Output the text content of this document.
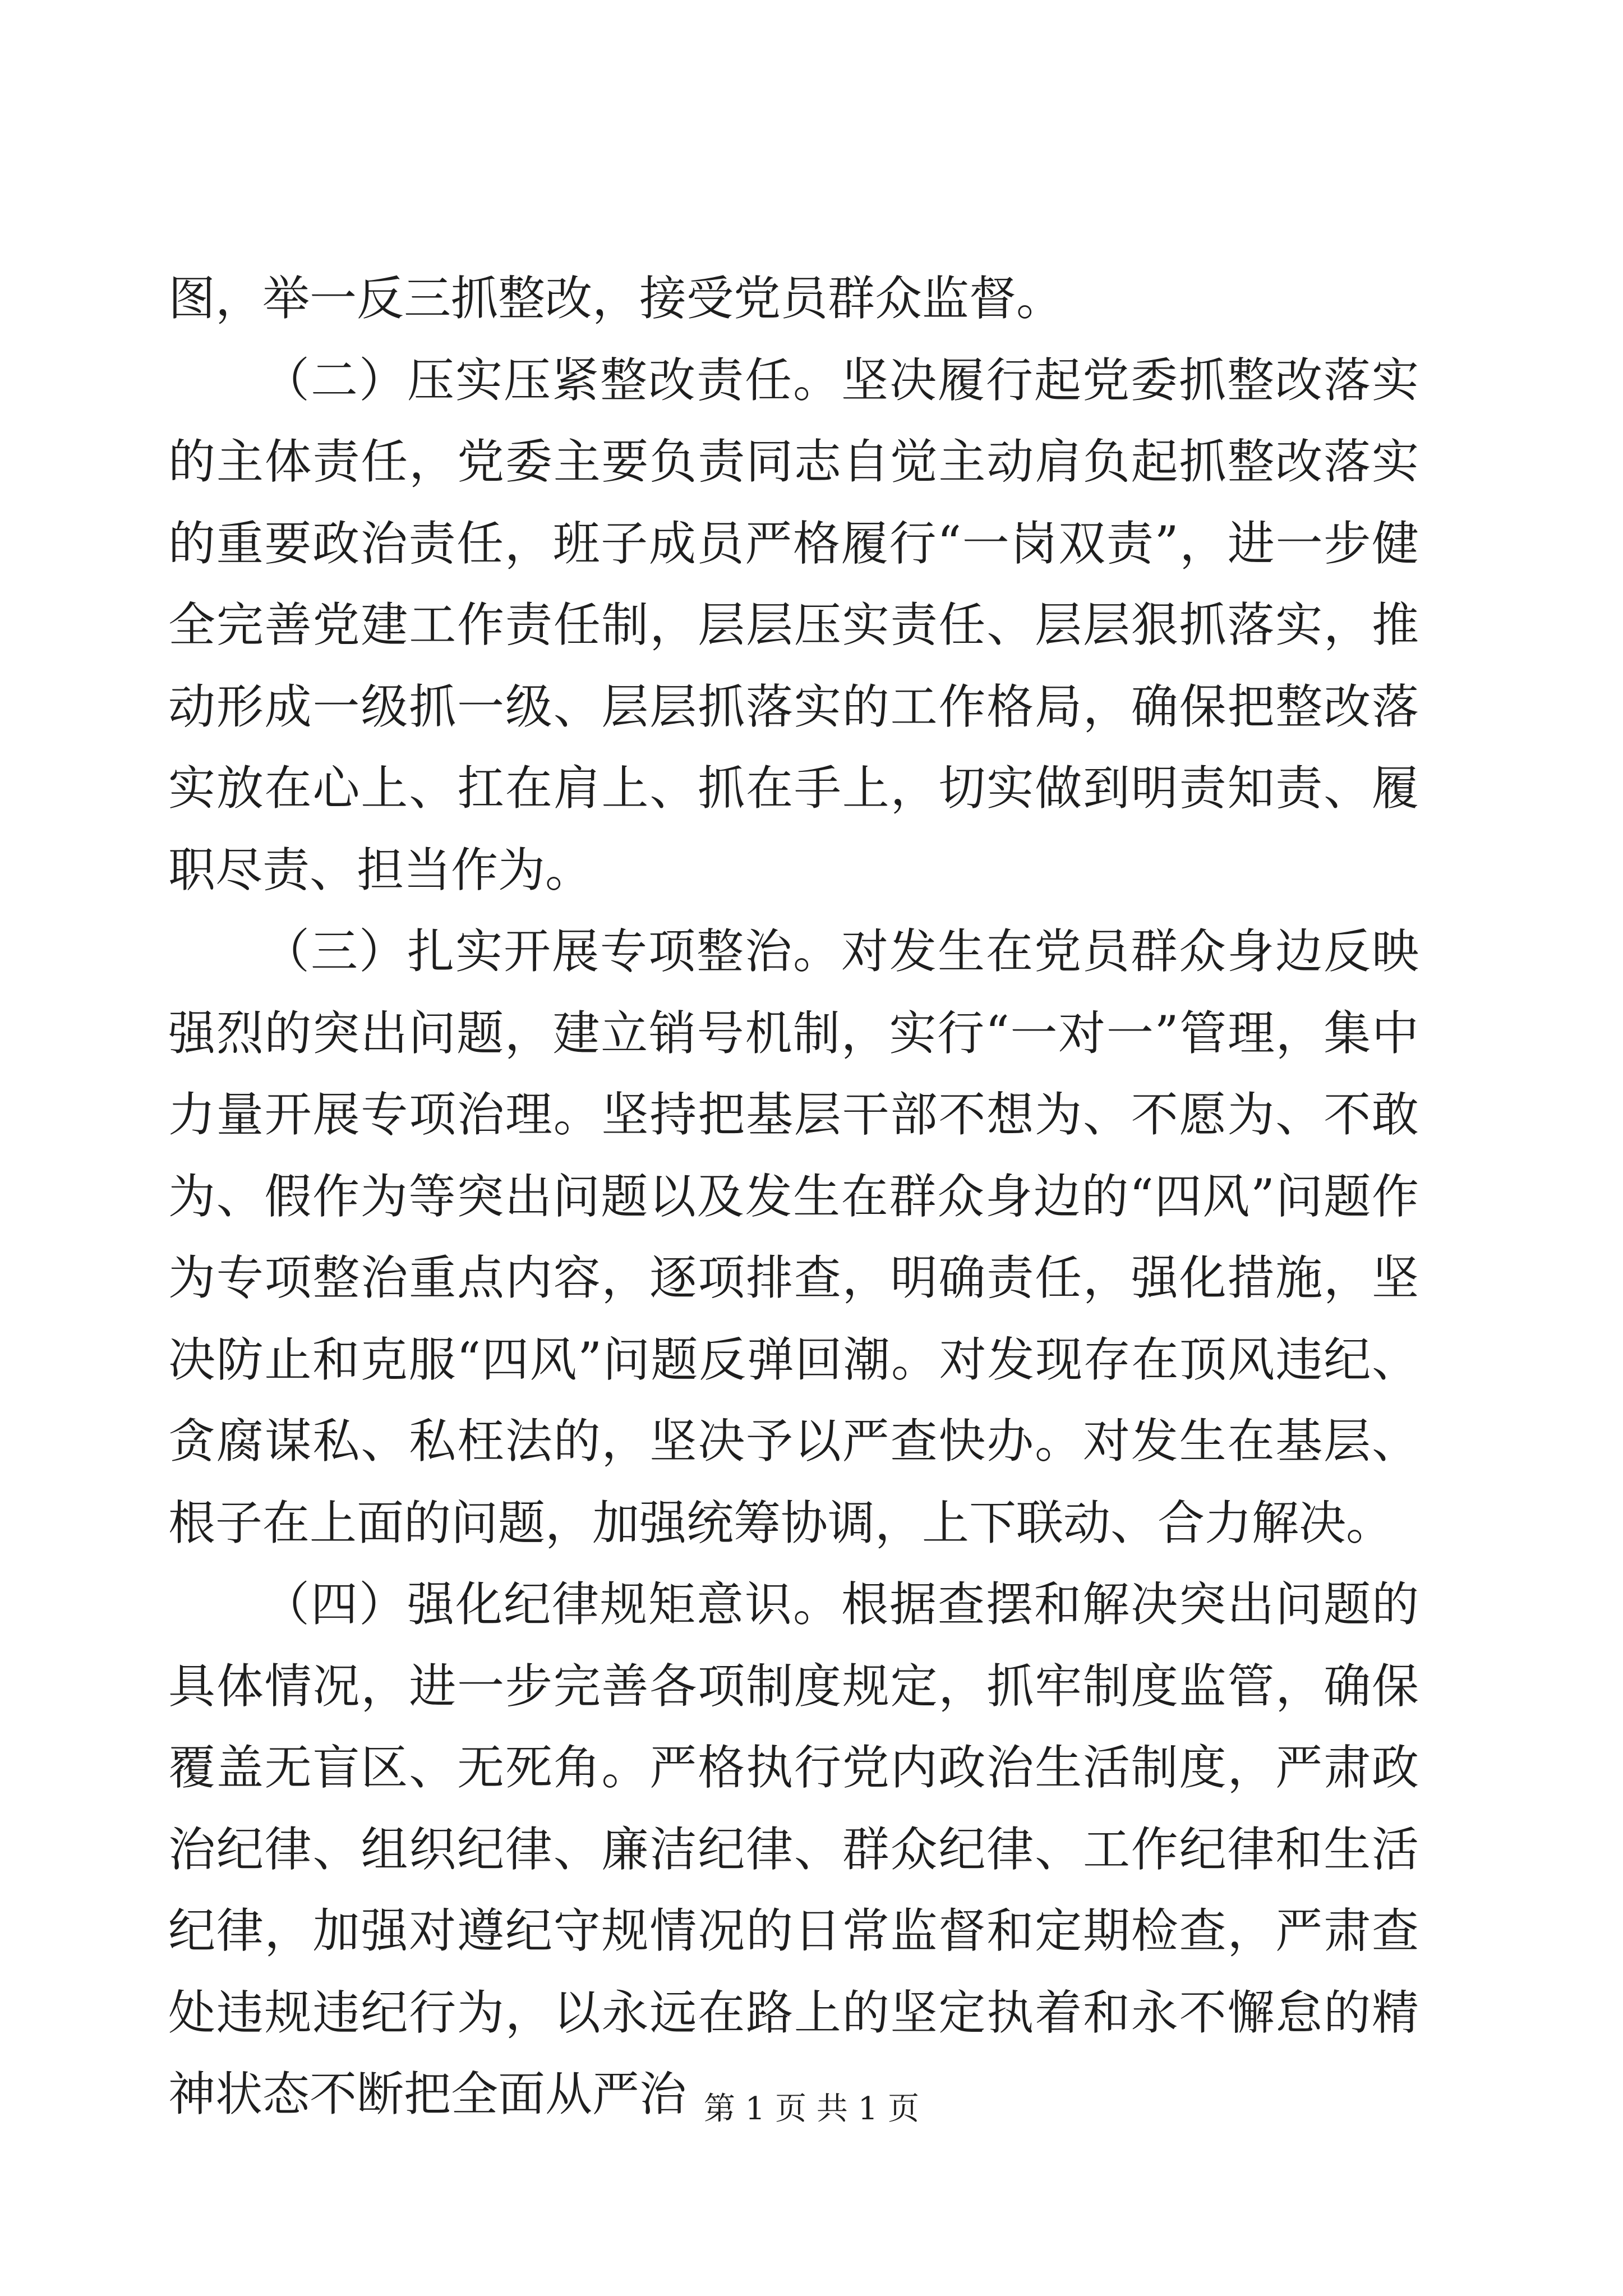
图，举一反三抓整改，接受党员群众监督。

（二）压实压紧整改责任。坚决履行起党委抓整改落实的主体责任，党委主要负责同志自觉主动肩负起抓整改落实的重要政治责任，班子成员严格履行“一岗双责”，进一步健全完善党建工作责任制，层层压实责任、层层狠抓落实，推动形成一级抓一级、层层抓落实的工作格局，确保把整改落实放在心上、扛在肩上、抓在手上，切实做到明责知责、履职尽责、担当作为。

（三）扎实开展专项整治。对发生在党员群众身边反映强烈的突出问题，建立销号机制，实行“一对一”管理，集中力量开展专项治理。坚持把基层干部不想为、不愿为、不敢为、假作为等突出问题以及发生在群众身边的“四风”问题作为专项整治重点内容，逐项排查，明确责任，强化措施，坚决防止和克服“四风”问题反弹回潮。对发现存在顶风违纪、贪腐谋私、私枉法的，坚决予以严查快办。对发生在基层、根子在上面的问题，加强统筹协调，上下联动、合力解决。

（四）强化纪律规矩意识。根据查摆和解决突出问题的具体情况，进一步完善各项制度规定，抓牢制度监管，确保覆盖无盲区、无死角。严格执行党内政治生活制度，严肃政治纪律、组织纪律、廉洁纪律、群众纪律、工作纪律和生活纪律，加强对遵纪守规情况的日常监督和定期检查，严肃查处违规违纪行为，以永远在路上的坚定执着和永不懈怠的精神状态不断把全面从严治 第 1 页 共 1 页
